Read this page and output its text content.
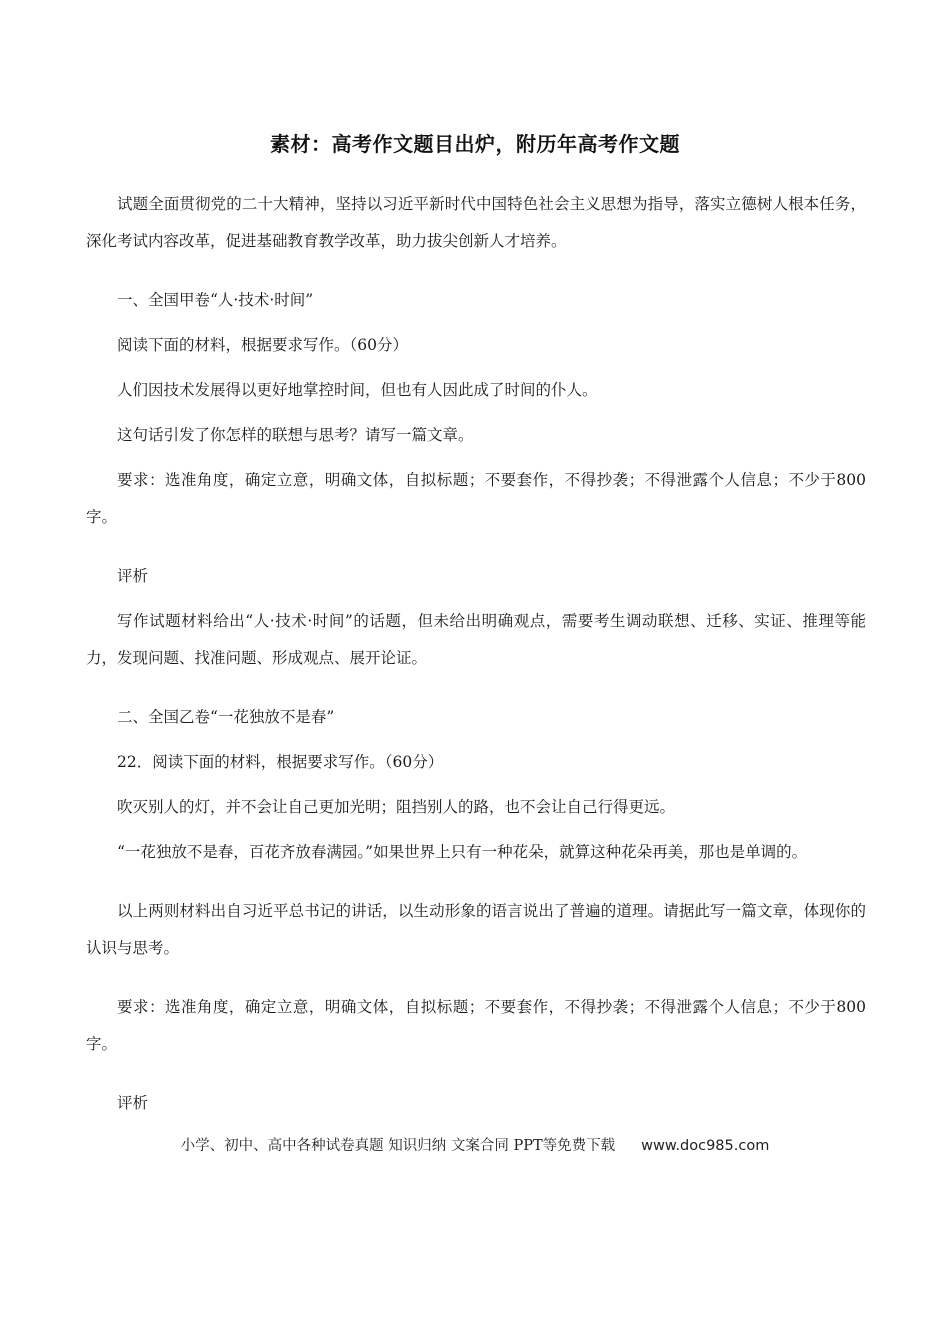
素材：高考作文题目出炉，附历年高考作文题

试题全面贯彻党的二十大精神，坚持以习近平新时代中国特色社会主义思想为指导，落实立德树人根本任务，深化考试内容改革，促进基础教育教学改革，助力拔尖创新人才培养。

一、全国甲卷“人·技术·时间”

阅读下面的材料，根据要求写作。（60分）

人们因技术发展得以更好地掌控时间，但也有人因此成了时间的仆人。

这句话引发了你怎样的联想与思考？请写一篇文章。

要求：选准角度，确定立意，明确文体，自拟标题；不要套作，不得抄袭；不得泄露个人信息；不少于800字。

评析

写作试题材料给出“人·技术·时间”的话题，但未给出明确观点，需要考生调动联想、迁移、实证、推理等能力，发现问题、找准问题、形成观点、展开论证。

二、全国乙卷“一花独放不是春”

22．阅读下面的材料，根据要求写作。（60分）

吹灭别人的灯，并不会让自己更加光明；阻挡别人的路，也不会让自己行得更远。

“一花独放不是春，百花齐放春满园。”如果世界上只有一种花朵，就算这种花朵再美，那也是单调的。

以上两则材料出自习近平总书记的讲话，以生动形象的语言说出了普遍的道理。请据此写一篇文章，体现你的认识与思考。

要求：选准角度，确定立意，明确文体，自拟标题；不要套作，不得抄袭；不得泄露个人信息；不少于800字。

评析

小学、初中、高中各种试卷真题 知识归纳 文案合同 PPT等免费下载 www.doc985.com
